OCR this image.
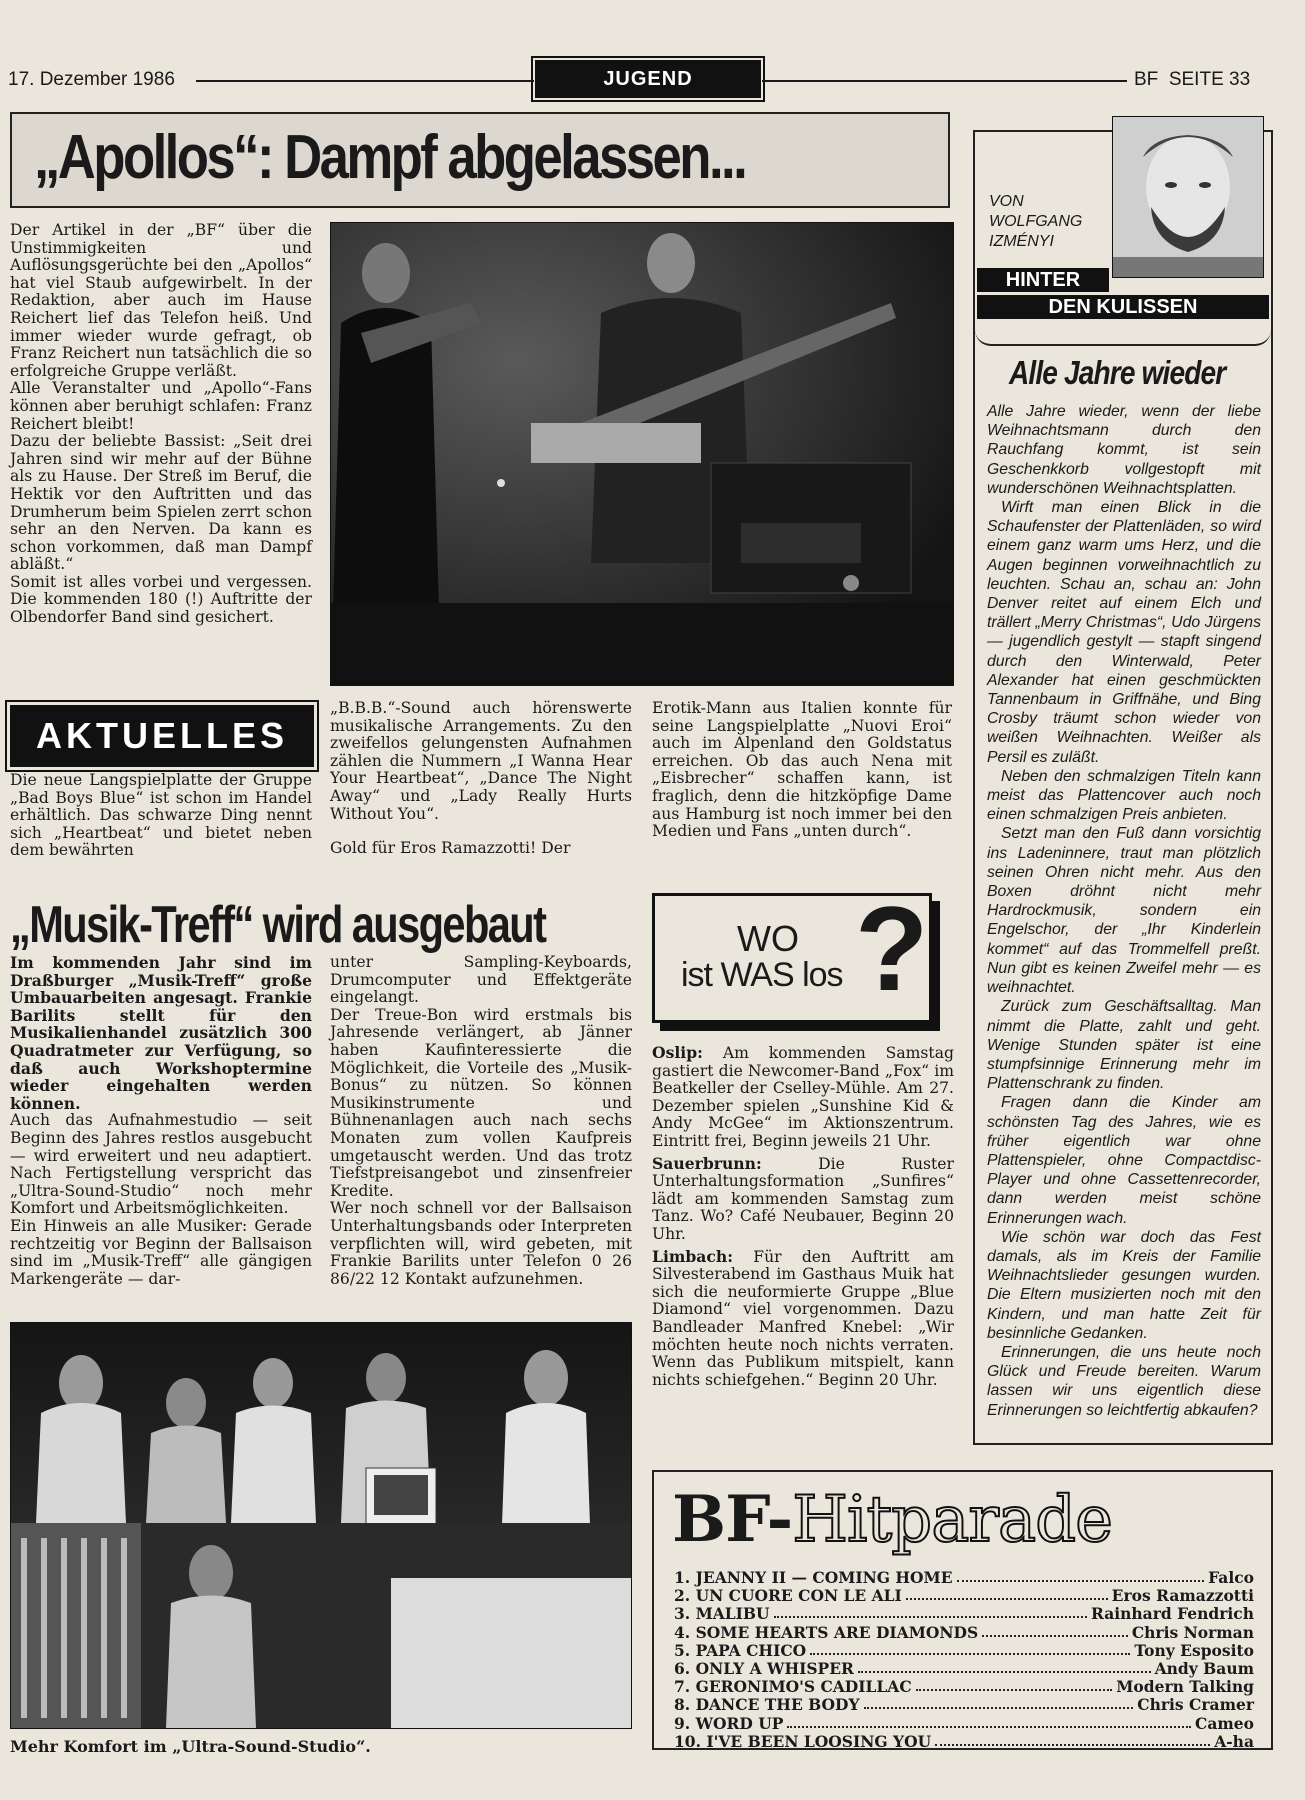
17. Dezember 1986	JUGEND	BF  SEITE 33
„Apollos“: Dampf abgelassen...

Der Artikel in der „BF“ über die Unstimmigkeiten und Auflösungsgerüchte bei den „Apollos“ hat viel Staub aufgewirbelt. In der Redaktion, aber auch im Hause Reichert lief das Telefon heiß. Und immer wieder wurde gefragt, ob Franz Reichert nun tatsächlich die so erfolgreiche Gruppe verläßt.

Alle Veranstalter und „Apollo“-Fans können aber beruhigt schlafen: Franz Reichert bleibt!

Dazu der beliebte Bassist: „Seit drei Jahren sind wir mehr auf der Bühne als zu Hause. Der Streß im Beruf, die Hektik vor den Auftritten und das Drumherum beim Spielen zerrt schon sehr an den Nerven. Da kann es schon vorkommen, daß man Dampf abläßt.“

Somit ist alles vorbei und vergessen. Die kommenden 180 (!) Auftritte der Olbendorfer Band sind gesichert.

AKTUELLES

Die neue Langspielplatte der Gruppe „Bad Boys Blue“ ist schon im Handel erhältlich. Das schwarze Ding nennt sich „Heartbeat“ und bietet neben dem bewährten

„B.B.B.“-Sound auch hörenswerte musikalische Arrangements. Zu den zweifellos gelungensten Aufnahmen zählen die Nummern „I Wanna Hear Your Heartbeat“, „Dance The Night Away“ und „Lady Really Hurts Without You“.

Gold für Eros Ramazzotti! Der

Erotik-Mann aus Italien konnte für seine Langspielplatte „Nuovi Eroi“ auch im Alpenland den Goldstatus erreichen. Ob das auch Nena mit „Eisbrecher“ schaffen kann, ist fraglich, denn die hitzköpfige Dame aus Hamburg ist noch immer bei den Medien und Fans „unten durch“.

„Musik-Treff“ wird ausgebaut

Im kommenden Jahr sind im Draßburger „Musik-Treff“ große Umbauarbeiten angesagt. Frankie Barilits stellt für den Musikalienhandel zusätzlich 300 Quadratmeter zur Verfügung, so daß auch Workshoptermine wieder eingehalten werden können.

Auch das Aufnahmestudio — seit Beginn des Jahres restlos ausgebucht — wird erweitert und neu adaptiert. Nach Fertigstellung verspricht das „Ultra-Sound-Studio“ noch mehr Komfort und Arbeitsmöglichkeiten.

Ein Hinweis an alle Musiker: Gerade rechtzeitig vor Beginn der Ballsaison sind im „Musik-Treff“ alle gängigen Markengeräte — dar-

unter Sampling-Keyboards, Drumcomputer und Effektgeräte eingelangt.

Der Treue-Bon wird erstmals bis Jahresende verlängert, ab Jänner haben Kaufinteressierte die Möglichkeit, die Vorteile des „Musik-Bonus“ zu nützen. So können Musikinstrumente und Bühnenanlagen auch nach sechs Monaten zum vollen Kaufpreis umgetauscht werden. Und das trotz Tiefstpreisangebot und zinsenfreier Kredite.

Wer noch schnell vor der Ballsaison Unterhaltungsbands oder Interpreten verpflichten will, wird gebeten, mit Frankie Barilits unter Telefon 0 26 86/22 12 Kontakt aufzunehmen.

Mehr Komfort im „Ultra-Sound-Studio“.
WO
ist WAS los ?

Oslip: Am kommenden Samstag gastiert die Newcomer-Band „Fox“ im Beatkeller der Cselley-Mühle. Am 27. Dezember spielen „Sunshine Kid & Andy McGee“ im Aktionszentrum. Eintritt frei, Beginn jeweils 21 Uhr.

Sauerbrunn:	Die Ruster Unterhaltungsformation „Sunfires“ lädt am kommenden Samstag zum Tanz. Wo? Café Neubauer, Beginn 20 Uhr.

Limbach: Für den Auftritt am Silvesterabend im Gasthaus Muik hat sich die neuformierte Gruppe „Blue Diamond“ viel vorgenommen. Dazu Bandleader Manfred Knebel: „Wir möchten heute noch nichts verraten. Wenn das Publikum mitspielt, kann nichts schiefgehen.“ Beginn 20 Uhr.

VON
WOLFGANG
IZMÉNYI
HINTER
DEN KULISSEN
Alle Jahre wieder

Alle Jahre wieder, wenn der liebe Weihnachtsmann durch den Rauchfang kommt, ist sein Geschenkkorb vollgestopft mit wunderschönen Weihnachtsplatten.

Wirft man einen Blick in die Schaufenster der Plattenläden, so wird einem ganz warm ums Herz, und die Augen beginnen vorweihnachtlich zu leuchten. Schau an, schau an: John Denver reitet auf einem Elch und trällert „Merry Christmas“, Udo Jürgens — jugendlich gestylt — stapft singend durch den Winterwald, Peter Alexander hat einen geschmückten Tannenbaum in Griffnähe, und Bing Crosby träumt schon wieder von weißen Weihnachten. Weißer als Persil es zuläßt.

Neben den schmalzigen Titeln kann meist das Plattencover auch noch einen schmalzigen Preis anbieten.

Setzt man den Fuß dann vorsichtig ins Ladeninnere, traut man plötzlich seinen Ohren nicht mehr. Aus den Boxen dröhnt nicht mehr Hardrockmusik, sondern ein Engelschor, der „Ihr Kinderlein kommet“ auf das Trommelfell preßt. Nun gibt es keinen Zweifel mehr — es weihnachtet.

Zurück zum Geschäftsalltag. Man nimmt die Platte, zahlt und geht. Wenige Stunden später ist eine stumpfsinnige Erinnerung mehr im Plattenschrank zu finden.

Fragen dann die Kinder am schönsten Tag des Jahres, wie es früher eigentlich war ohne Plattenspieler, ohne Compactdisc-Player und ohne Cassettenrecorder, dann werden meist schöne Erinnerungen wach.

Wie schön war doch das Fest damals, als im Kreis der Familie Weihnachtslieder gesungen wurden. Die Eltern musizierten noch mit den Kindern, und man hatte Zeit für besinnliche Gedanken.

Erinnerungen, die uns heute noch Glück und Freude bereiten. Warum lassen wir uns eigentlich diese Erinnerungen so leichtfertig abkaufen?

BF-Hitparade
1.
JEANNY II — COMING HOME	Falco
2.
UN CUORE CON LE ALI	Eros Ramazzotti
3.
MALIBU	Rainhard Fendrich
4.
SOME HEARTS ARE DIAMONDS	Chris Norman
5.
PAPA CHICO	Tony Esposito
6.
ONLY A WHISPER	Andy Baum
7.
GERONIMO'S CADILLAC	Modern Talking
8.
DANCE THE BODY	Chris Cramer
9.
WORD UP	Cameo
10.
I'VE BEEN LOOSING YOU	A-ha
